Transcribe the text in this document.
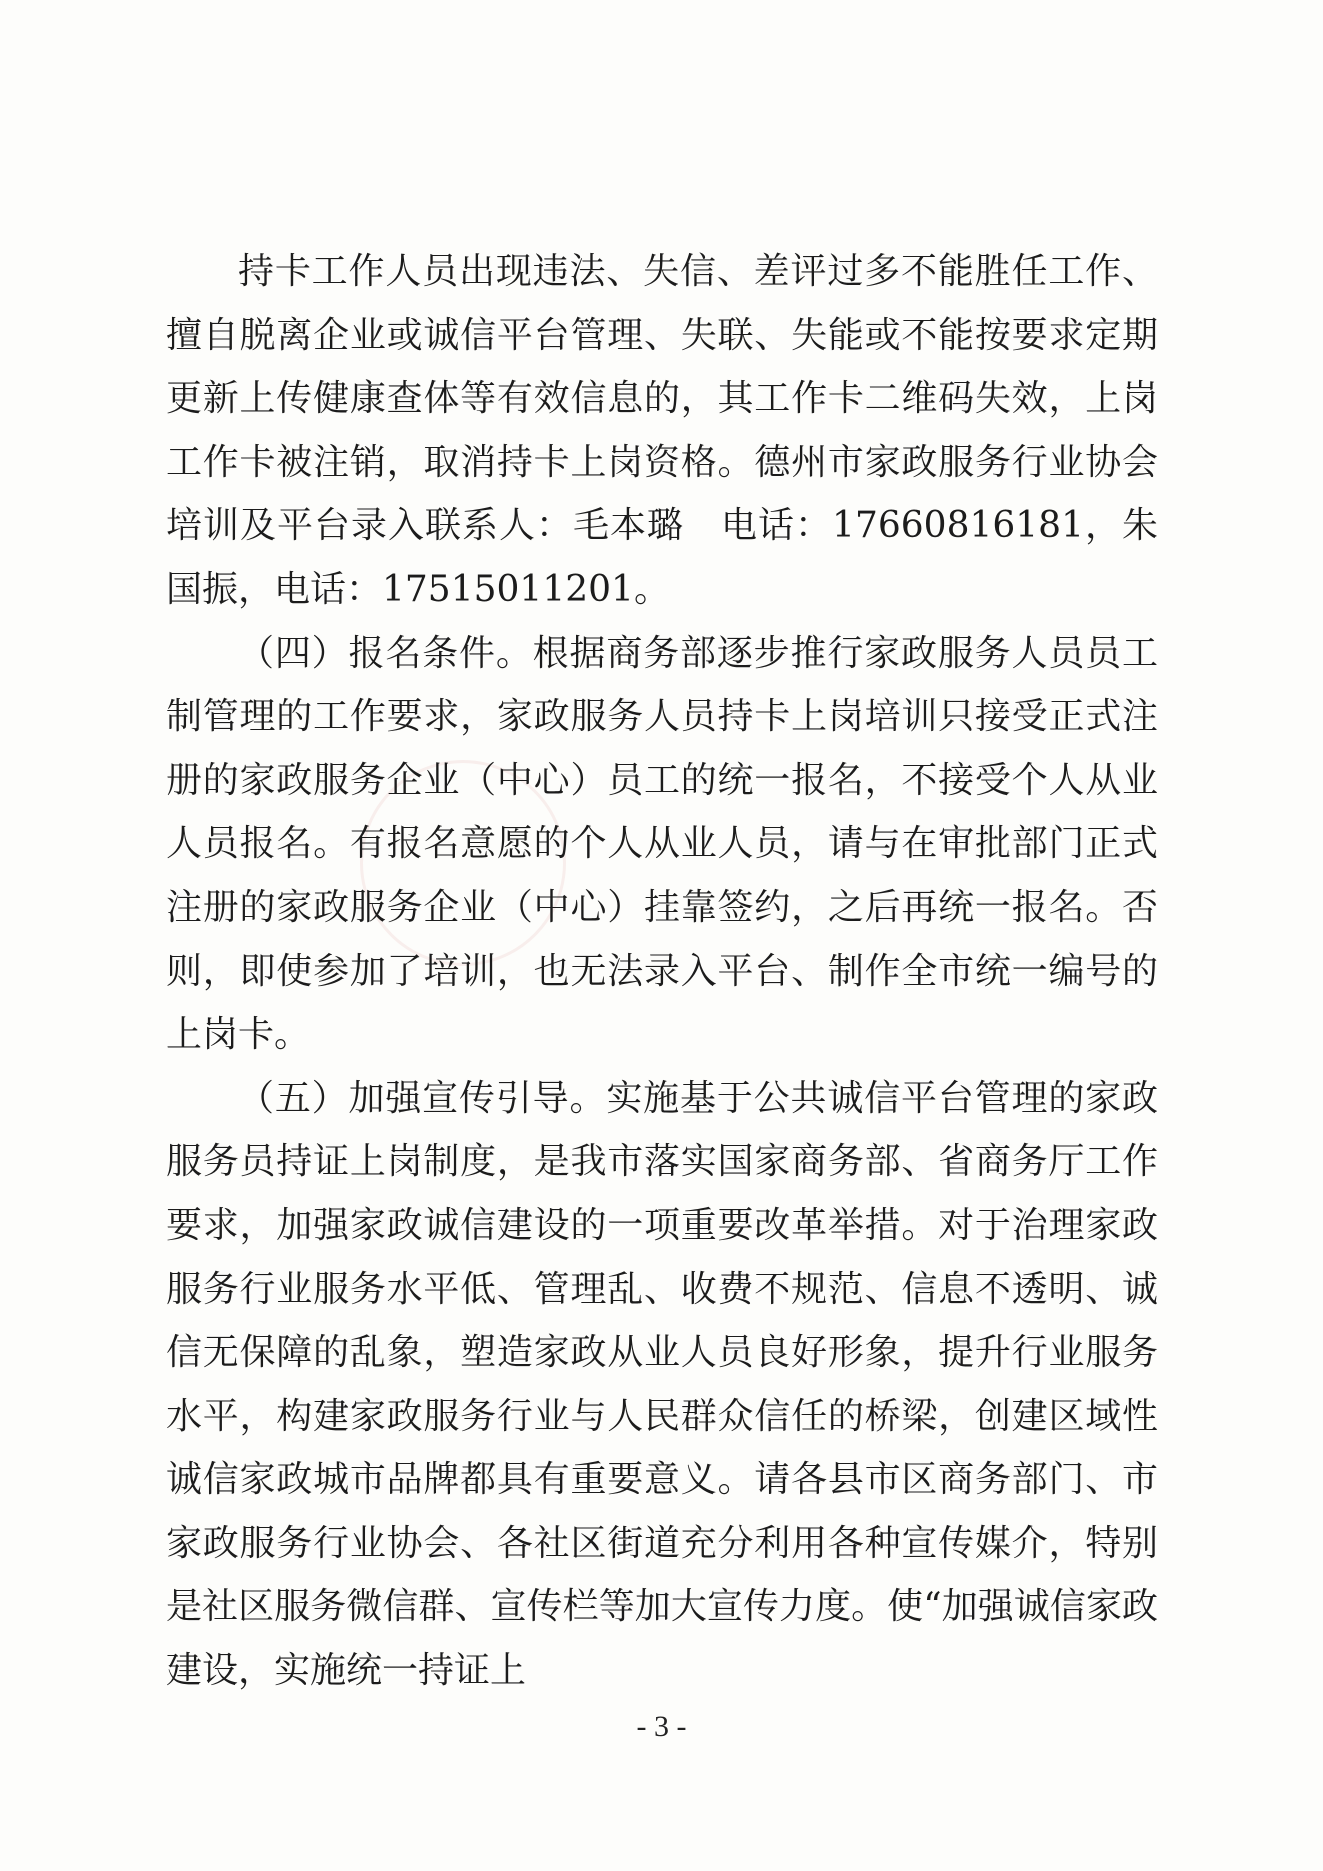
持卡工作人员出现违法、失信、差评过多不能胜任工作、擅自脱离企业或诚信平台管理、失联、失能或不能按要求定期更新上传健康查体等有效信息的，其工作卡二维码失效，上岗工作卡被注销，取消持卡上岗资格。德州市家政服务行业协会培训及平台录入联系人：毛本璐　电话：17660816181，朱国振，电话：17515011201。

（四）报名条件。根据商务部逐步推行家政服务人员员工制管理的工作要求，家政服务人员持卡上岗培训只接受正式注册的家政服务企业（中心）员工的统一报名，不接受个人从业人员报名。有报名意愿的个人从业人员，请与在审批部门正式注册的家政服务企业（中心）挂靠签约，之后再统一报名。否则，即使参加了培训，也无法录入平台、制作全市统一编号的上岗卡。

（五）加强宣传引导。实施基于公共诚信平台管理的家政服务员持证上岗制度，是我市落实国家商务部、省商务厅工作要求，加强家政诚信建设的一项重要改革举措。对于治理家政服务行业服务水平低、管理乱、收费不规范、信息不透明、诚信无保障的乱象，塑造家政从业人员良好形象，提升行业服务水平，构建家政服务行业与人民群众信任的桥梁，创建区域性诚信家政城市品牌都具有重要意义。请各县市区商务部门、市家政服务行业协会、各社区街道充分利用各种宣传媒介，特别是社区服务微信群、宣传栏等加大宣传力度。使“加强诚信家政建设，实施统一持证上

- 3 -
